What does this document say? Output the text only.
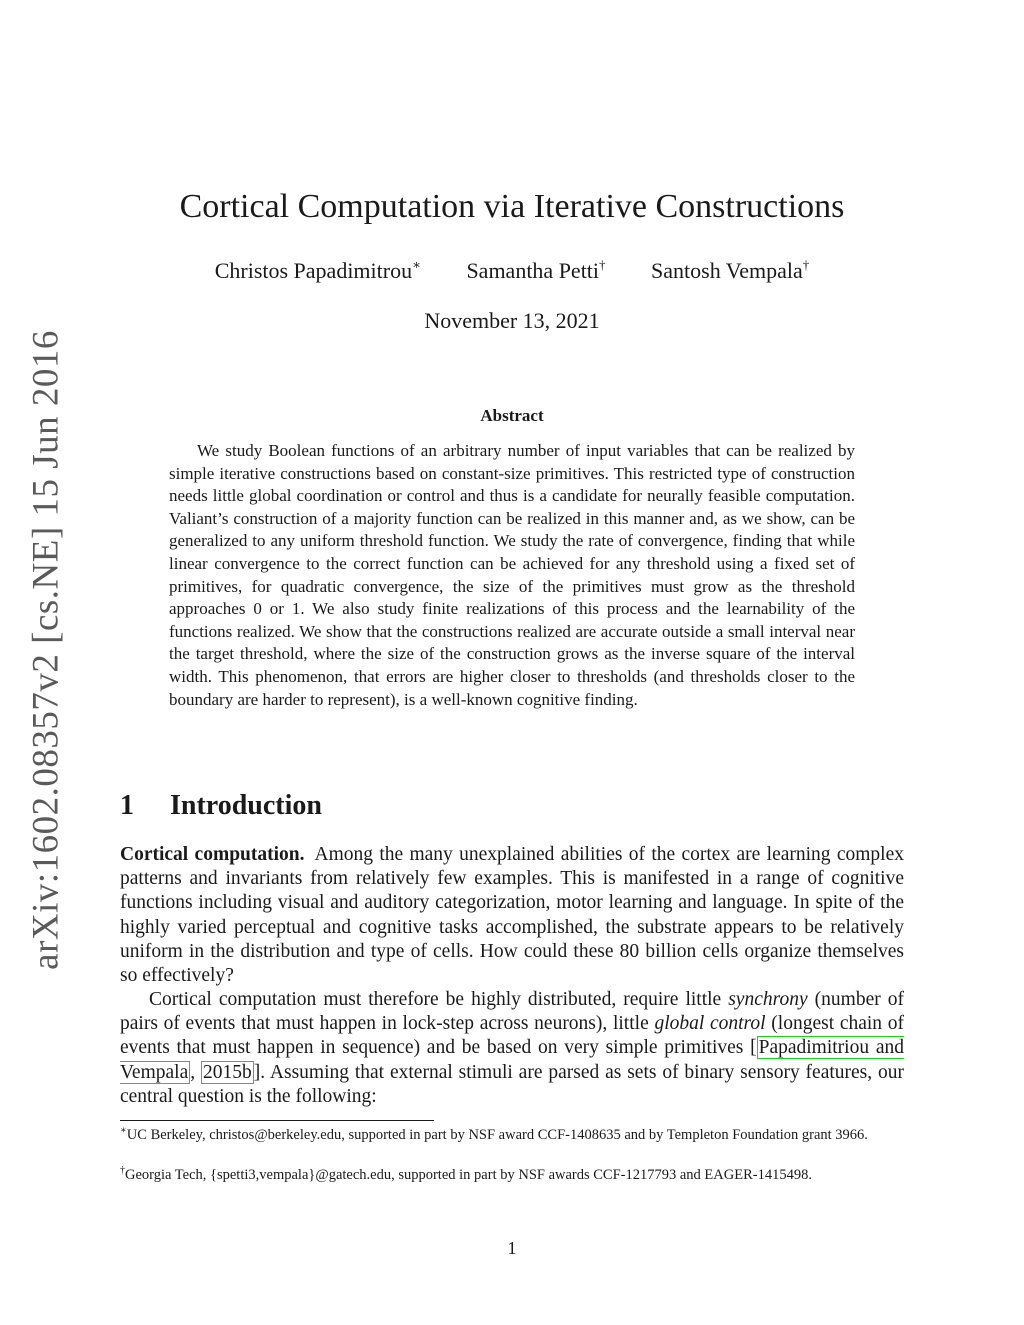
arXiv:1602.08357v2 [cs.NE] 15 Jun 2016
Cortical Computation via Iterative Constructions
Christos Papadimitrou∗ Samantha Petti† Santosh Vempala†
November 13, 2021
Abstract

We study Boolean functions of an arbitrary number of input variables that can be realized by simple iterative constructions based on constant-size primitives. This restricted type of construction needs little global coordination or control and thus is a candidate for neurally feasible computation. Valiant’s construction of a majority function can be realized in this manner and, as we show, can be generalized to any uniform threshold function. We study the rate of convergence, finding that while linear convergence to the correct function can be achieved for any threshold using a fixed set of primitives, for quadratic convergence, the size of the primitives must grow as the threshold approaches 0 or 1. We also study finite realizations of this process and the learnability of the functions realized. We show that the constructions realized are accurate outside a small interval near the target threshold, where the size of the construction grows as the inverse square of the interval width. This phenomenon, that errors are higher closer to thresholds (and thresholds closer to the boundary are harder to represent), is a well-known cognitive finding.

1 Introduction

Cortical computation. Among the many unexplained abilities of the cortex are learning complex patterns and invariants from relatively few examples. This is manifested in a range of cognitive functions including visual and auditory categorization, motor learning and language. In spite of the highly varied perceptual and cognitive tasks accomplished, the substrate appears to be relatively uniform in the distribution and type of cells. How could these 80 billion cells organize themselves so effectively?

Cortical computation must therefore be highly distributed, require little synchrony (number of pairs of events that must happen in lock-step across neurons), little global control (longest chain of events that must happen in sequence) and be based on very simple primitives [ Papadimitriou and Vempala , 2015b ]. Assuming that external stimuli are parsed as sets of binary sensory features, our central question is the following:

∗UC Berkeley, christos@berkeley.edu, supported in part by NSF award CCF-1408635 and by Templeton Foundation grant 3966.

†Georgia Tech, {spetti3,vempala}@gatech.edu, supported in part by NSF awards CCF-1217793 and EAGER-1415498.

1
